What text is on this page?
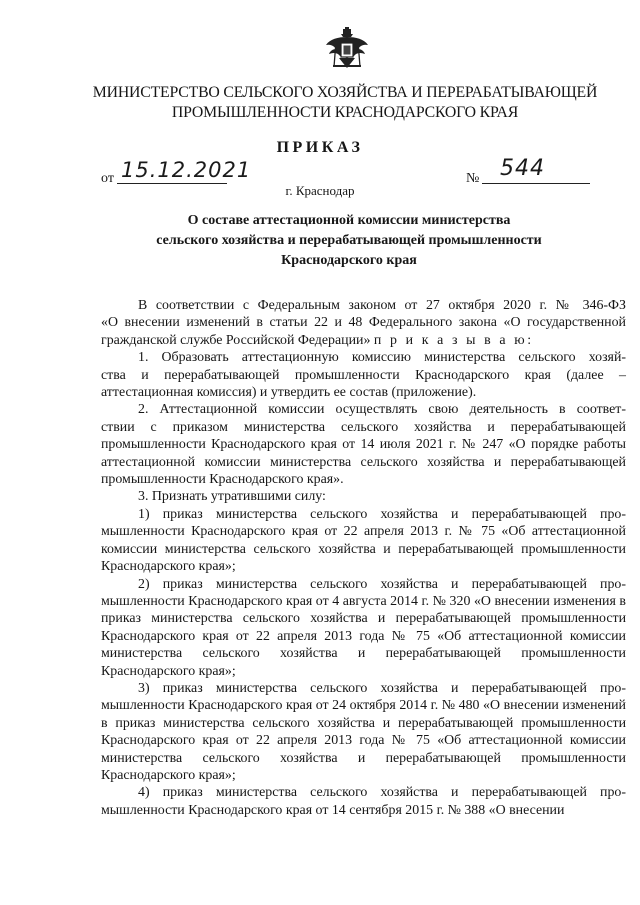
МИНИСТЕРСТВО СЕЛЬСКОГО ХОЗЯЙСТВА И ПЕРЕРАБАТЫВАЮЩЕЙ
ПРОМЫШЛЕННОСТИ КРАСНОДАРСКОГО КРАЯ
ПРИКАЗ
от 15.12.2021	№ 544
г. Краснодар
О составе аттестационной комиссии министерства
сельского хозяйства и перерабатывающей промышленности
Краснодарского края

В соответствии с Федеральным законом от 27 октября 2020 г. № 346-ФЗ
«О внесении изменений в статьи 22 и 48 Федерального закона «О государственной гражданской службе Российской Федерации» п р и к а з ы в а ю:

1. Образовать аттестационную комиссию министерства сельского хозяй-
ства и перерабатывающей промышленности Краснодарского края (далее – аттестационная комиссия) и утвердить ее состав (приложение).

2. Аттестационной комиссии осуществлять свою деятельность в соответ-
ствии с приказом министерства сельского хозяйства и перерабатывающей промышленности Краснодарского края от 14 июля 2021 г. № 247 «О порядке работы аттестационной комиссии министерства сельского хозяйства и перерабатывающей промышленности Краснодарского края».

3. Признать утратившими силу:

1) приказ министерства сельского хозяйства и перерабатывающей про-
мышленности Краснодарского края от 22 апреля 2013 г. № 75 «Об аттестационной комиссии министерства сельского хозяйства и перерабатывающей промышленности Краснодарского края»;

2) приказ министерства сельского хозяйства и перерабатывающей про-
мышленности Краснодарского края от 4 августа 2014 г. № 320 «О внесении изменения в приказ министерства сельского хозяйства и перерабатывающей промышленности Краснодарского края от 22 апреля 2013 года № 75 «Об аттестационной комиссии министерства сельского хозяйства и перерабатывающей промышленности Краснодарского края»;

3) приказ министерства сельского хозяйства и перерабатывающей про-
мышленности Краснодарского края от 24 октября 2014 г. № 480 «О внесении изменений в приказ министерства сельского хозяйства и перерабатывающей промышленности Краснодарского края от 22 апреля 2013 года № 75 «Об аттестационной комиссии министерства сельского хозяйства и перерабатывающей промышленности Краснодарского края»;

4) приказ министерства сельского хозяйства и перерабатывающей про-
мышленности Краснодарского края от 14 сентября 2015 г. № 388 «О внесении
